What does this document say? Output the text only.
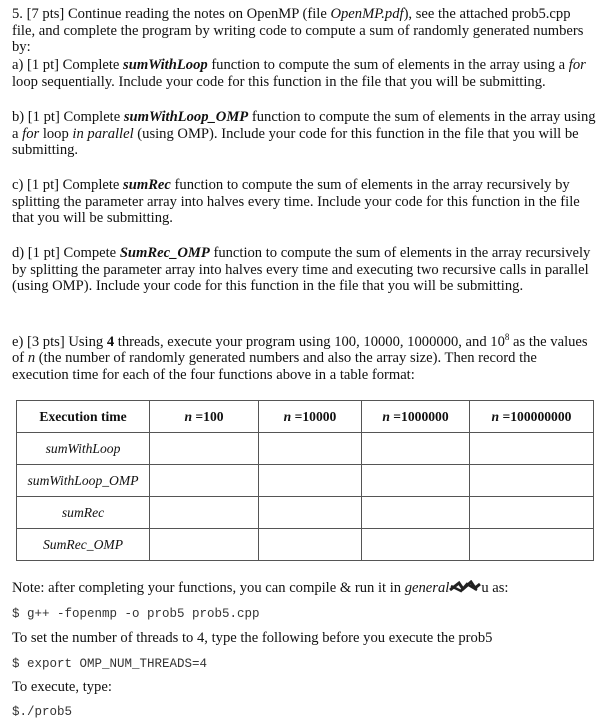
5. [7 pts] Continue reading the notes on OpenMP (file OpenMP.pdf), see the attached prob5.cpp file, and complete the program by writing code to compute a sum of randomly generated numbers by:
a) [1 pt] Complete sumWithLoop function to compute the sum of elements in the array using a for loop sequentially. Include your code for this function in the file that you will be submitting.
b) [1 pt] Complete sumWithLoop_OMP function to compute the sum of elements in the array using a for loop in parallel (using OMP). Include your code for this function in the file that you will be submitting.
c) [1 pt] Complete sumRec function to compute the sum of elements in the array recursively by splitting the parameter array into halves every time. Include your code for this function in the file that you will be submitting.
d) [1 pt] Compete SumRec_OMP function to compute the sum of elements in the array recursively by splitting the parameter array into halves every time and executing two recursive calls in parallel (using OMP). Include your code for this function in the file that you will be submitting.
e) [3 pts] Using 4 threads, execute your program using 100, 10000, 1000000, and $10^8$ as the values of n (the number of randomly generated numbers and also the array size). Then record the execution time for each of the four functions above in a table format:
Execution time	n =100	n =10000	n =1000000	n =100000000
sumWithLoop				
sumWithLoop_OMP				
sumRec				
SumRec_OMP				
Note: after completing your functions, you can compile & run it in general u as:
$ g++ -fopenmp -o prob5 prob5.cpp
To set the number of threads to 4, type the following before you execute the prob5
$ export OMP_NUM_THREADS=4
To execute, type:
$./prob5
